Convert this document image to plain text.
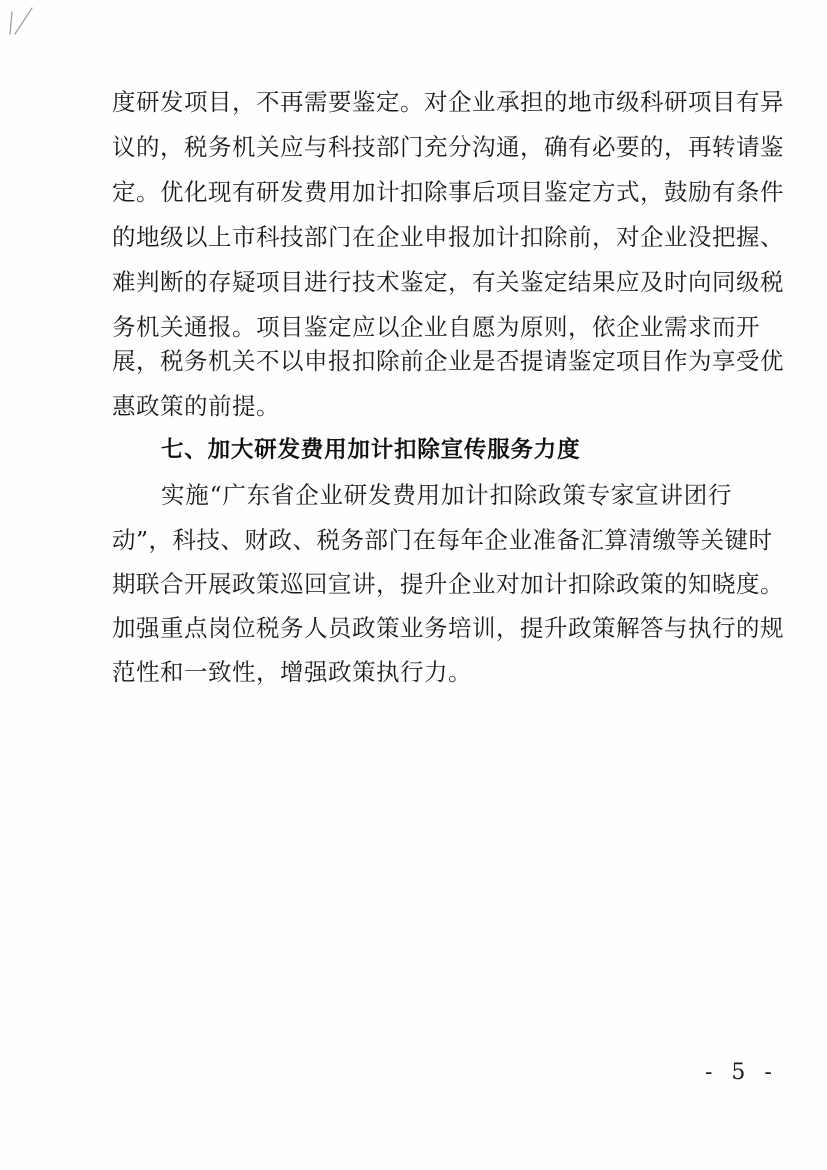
度研发项目，不再需要鉴定。对企业承担的地市级科研项目有异
议的，税务机关应与科技部门充分沟通，确有必要的，再转请鉴
定。优化现有研发费用加计扣除事后项目鉴定方式，鼓励有条件
的地级以上市科技部门在企业申报加计扣除前，对企业没把握、
难判断的存疑项目进行技术鉴定，有关鉴定结果应及时向同级税
务机关通报。项目鉴定应以企业自愿为原则，依企业需求而开
展，税务机关不以申报扣除前企业是否提请鉴定项目作为享受优
惠政策的前提。
七、加大研发费用加计扣除宣传服务力度
实施“广东省企业研发费用加计扣除政策专家宣讲团行
动”，科技、财政、税务部门在每年企业准备汇算清缴等关键时
期联合开展政策巡回宣讲，提升企业对加计扣除政策的知晓度。
加强重点岗位税务人员政策业务培训，提升政策解答与执行的规
范性和一致性，增强政策执行力。
- 5 -
